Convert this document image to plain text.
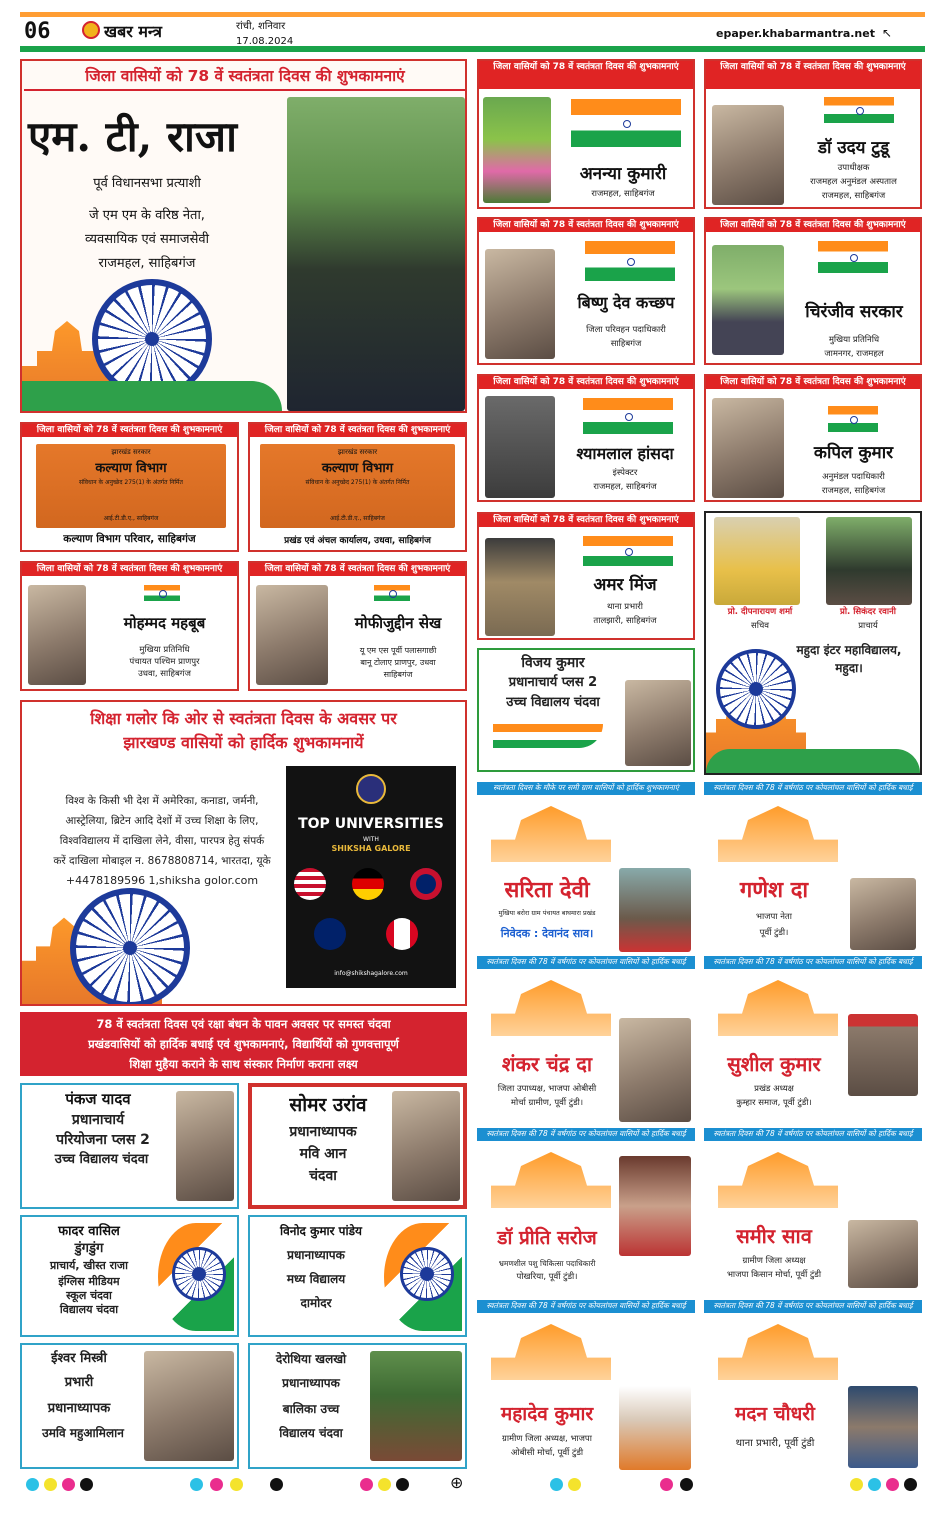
06	खबर मन्त्र	रांची, शनिवार
17.08.2024
epaper.khabarmantra.net ↖
जिला वासियों को 78 वें स्वतंत्रता दिवस की शुभकामनाएं
एम. टी, राजा
पूर्व विधानसभा प्रत्याशी
जे एम एम के वरिष्ठ नेता,
व्यवसायिक एवं समाजसेवी
राजमहल, साहिबगंज
जिला वासियों को 78 वें स्वतंत्रता दिवस की शुभकामनाएं
झारखंड सरकार
कल्याण विभाग
संविधान के अनुच्छेद 275(1) के अंतर्गत निर्मित
आई.टी.डी.ए., साहिबगंज
कल्याण विभाग परिवार, साहिबगंज
जिला वासियों को 78 वें स्वतंत्रता दिवस की शुभकामनाएं
झारखंड सरकार
कल्याण विभाग
संविधान के अनुच्छेद 275(1) के अंतर्गत निर्मित
आई.टी.डी.ए., साहिबगंज
प्रखंड एवं अंचल कार्यालय, उधवा, साहिबगंज
जिला वासियों को 78 वें स्वतंत्रता दिवस की शुभकामनाएं
मोहम्मद महबूब
मुखिया प्रतिनिधि
पंचायत पश्चिम प्राणपुर
उधवा, साहिबगंज
जिला वासियों को 78 वें स्वतंत्रता दिवस की शुभकामनाएं
मोफीजुद्दीन सेख
यू एम एस पूर्वी पलासगाछी
बानू टोलाए प्राणपुर, उधवा
साहिबगंज
शिक्षा गलोर कि ओर से स्वतंत्रता दिवस के अवसर पर
झारखण्ड वासियों को हार्दिक शुभकामनायें
विश्व के किसी भी देश में अमेरिका, कनाडा, जर्मनी,
आस्ट्रेलिया, ब्रिटेन आदि देशों में उच्च शिक्षा के लिए,
विश्वविद्यालय में दाखिला लेने, वीसा, पारपत्र हेतु संपर्क
करें दाखिला मोबाइल न. 8678808714, भारतदा, यूके
+4478189596 1,shiksha golor.com
TOP UNIVERSITIES
WITH
SHIKSHA GALORE
info@shikshagalore.com
78 वें स्वतंत्रता दिवस एवं रक्षा बंधन के पावन अवसर पर समस्त चंदवा
प्रखंडवासियों को हार्दिक बधाई एवं शुभकामनाएं, विद्यार्थियों को गुणवत्तापूर्ण
शिक्षा मुहैया कराने के साथ संस्कार निर्माण कराना लक्ष्य
पंकज यादव
प्रधानाचार्य
परियोजना प्लस 2
उच्च विद्यालय चंदवा
सोमर उरांव
प्रधानाध्यापक
मवि आन
चंदवा
फादर वासिल
डुंगडुंग
प्राचार्य, खीस्त राजा
इंग्लिस मीडियम
स्कूल चंदवा
विद्यालय चंदवा
विनोद कुमार पांडेय
प्रधानाध्यापक
मध्य विद्यालय
दामोदर
ईश्वर मिस्त्री
प्रभारी
प्रधानाध्यापक
उमवि महुआमिलान
देरोथिया खलखो
प्रधानाध्यापक
बालिका उच्च
विद्यालय चंदवा
जिला वासियों को 78 वें स्वतंत्रता दिवस की शुभकामनाएं
अनन्या कुमारी
राजमहल, साहिबगंज
जिला वासियों को 78 वें स्वतंत्रता दिवस की शुभकामनाएं
डॉ उदय टुडू
उपाधीक्षक
राजमहल अनुमंडल अस्पताल
राजमहल, साहिबगंज
जिला वासियों को 78 वें स्वतंत्रता दिवस की शुभकामनाएं
बिष्णु देव कच्छप
जिला परिवहन पदाधिकारी
साहिबगंज
जिला वासियों को 78 वें स्वतंत्रता दिवस की शुभकामनाएं
चिरंजीव सरकार
मुखिया प्रतिनिधि
जामनगर, राजमहल
जिला वासियों को 78 वें स्वतंत्रता दिवस की शुभकामनाएं
श्यामलाल हांसदा
इंस्पेक्टर
राजमहल, साहिबगंज
जिला वासियों को 78 वें स्वतंत्रता दिवस की शुभकामनाएं
कपिल कुमार
अनुमंडल पदाधिकारी
राजमहल, साहिबगंज
जिला वासियों को 78 वें स्वतंत्रता दिवस की शुभकामनाएं
अमर मिंज
थाना प्रभारी
तालझारी, साहिबगंज
विजय कुमार
प्रधानाचार्य प्लस 2
उच्च विद्यालय चंदवा
प्रो. दीपनारायण शर्मा
सचिव
प्रो. सिकंदर रवानी
प्राचार्य
महुदा इंटर महाविद्यालय,
महुदा।
स्वतंत्रता दिवस के मौके पर समी ग्राम वासियों को हार्दिक शुभकामनाएं
सरिता देवी
मुखिया बरोरा ग्राम पंचायत बाघमारा प्रखंड
निवेदक : देवानंद साव।
स्वतंत्रता दिवस की 78 वें वर्षगांठ पर कोयलांचल वासियों को हार्दिक बधाई
गणेश दा
भाजपा नेता
पूर्वी टुंडी।
स्वतंत्रता दिवस की 78 वें वर्षगांठ पर कोयलांचल वासियों को हार्दिक बधाई
शंकर चंद्र दा
जिला उपाध्यक्ष, भाजपा ओबीसी
मोर्चा ग्रामीण, पूर्वी टुंडी।
स्वतंत्रता दिवस की 78 वें वर्षगांठ पर कोयलांचल वासियों को हार्दिक बधाई
सुशील कुमार
प्रखंड अध्यक्ष
कुम्हार समाज, पूर्वी टुंडी।
स्वतंत्रता दिवस की 78 वें वर्षगांठ पर कोयलांचल वासियों को हार्दिक बधाई
डॉ प्रीति सरोज
भ्रमणशील पशु चिकित्सा पदाधिकारी
पोखरिया, पूर्वी टुंडी।
स्वतंत्रता दिवस की 78 वें वर्षगांठ पर कोयलांचल वासियों को हार्दिक बधाई
समीर साव
ग्रामीण जिला अध्यक्ष
भाजपा किसान मोर्चा, पूर्वी टुंडी
स्वतंत्रता दिवस की 78 वें वर्षगांठ पर कोयलांचल वासियों को हार्दिक बधाई
महादेव कुमार
ग्रामीण जिला अध्यक्ष, भाजपा
ओबीसी मोर्चा, पूर्वी टुंडी
स्वतंत्रता दिवस की 78 वें वर्षगांठ पर कोयलांचल वासियों को हार्दिक बधाई
मदन चौधरी
थाना प्रभारी, पूर्वी टुंडी
⊕
